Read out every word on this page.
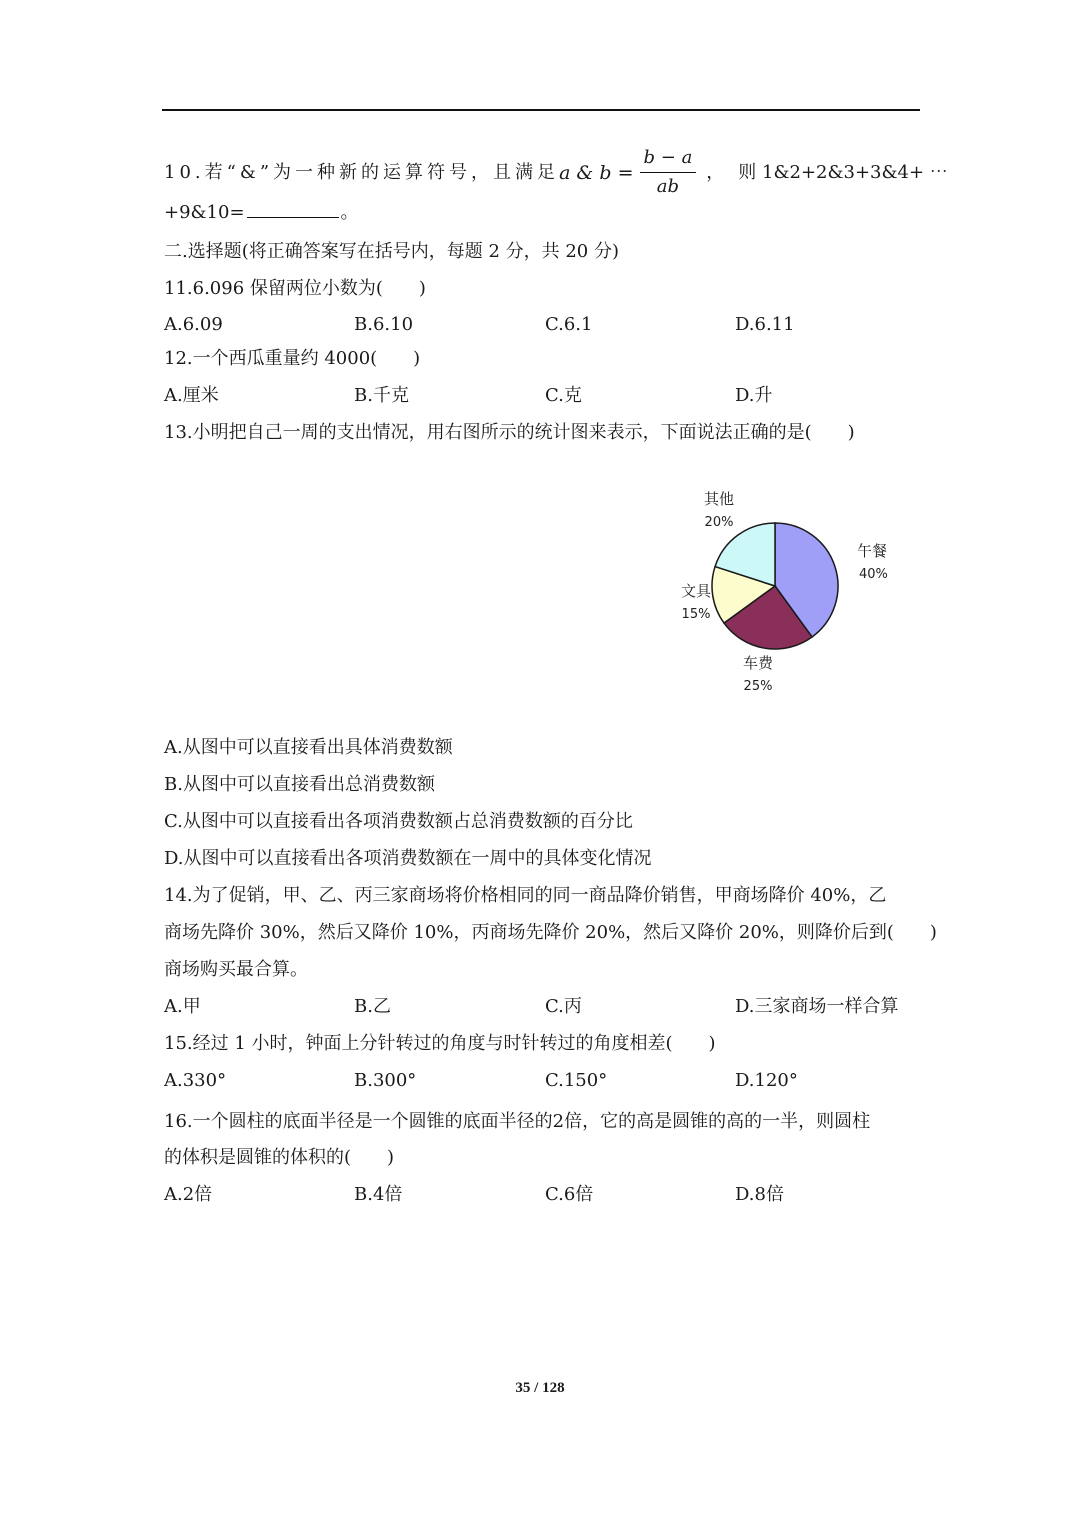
10.若“&”为一种新的运算符号，且满足 a & $b = \frac{b - a}{ab}$ ， 则 1&2+2&3+3&4+ ⋯
+9&10=	。
二.选择题(将正确答案写在括号内，每题 2 分，共 20 分)
11.6.096 保留两位小数为(　　)
A.6.09	B.6.10	C.6.1	D.6.11
12.一个西瓜重量约 4000(　　)
A.厘米	B.千克	C.克	D.升
13.小明把自己一周的支出情况，用右图所示的统计图来表示，下面说法正确的是(　　)
午餐
40%
车费
25%
文具
15%
其他
20%
A.从图中可以直接看出具体消费数额
B.从图中可以直接看出总消费数额
C.从图中可以直接看出各项消费数额占总消费数额的百分比
D.从图中可以直接看出各项消费数额在一周中的具体变化情况
14.为了促销，甲、乙、丙三家商场将价格相同的同一商品降价销售，甲商场降价 40%，乙
商场先降价 30%，然后又降价 10%，丙商场先降价 20%，然后又降价 20%，则降价后到(　　)
商场购买最合算。
A.甲	B.乙	C.丙	D.三家商场一样合算
15.经过 1 小时，钟面上分针转过的角度与时针转过的角度相差(　　)
A.330°	B.300°	C.150°	D.120°
16.一个圆柱的底面半径是一个圆锥的底面半径的2倍，它的高是圆锥的高的一半，则圆柱
的体积是圆锥的体积的(　　)
A.2倍	B.4倍	C.6倍	D.8倍
35 / 128
